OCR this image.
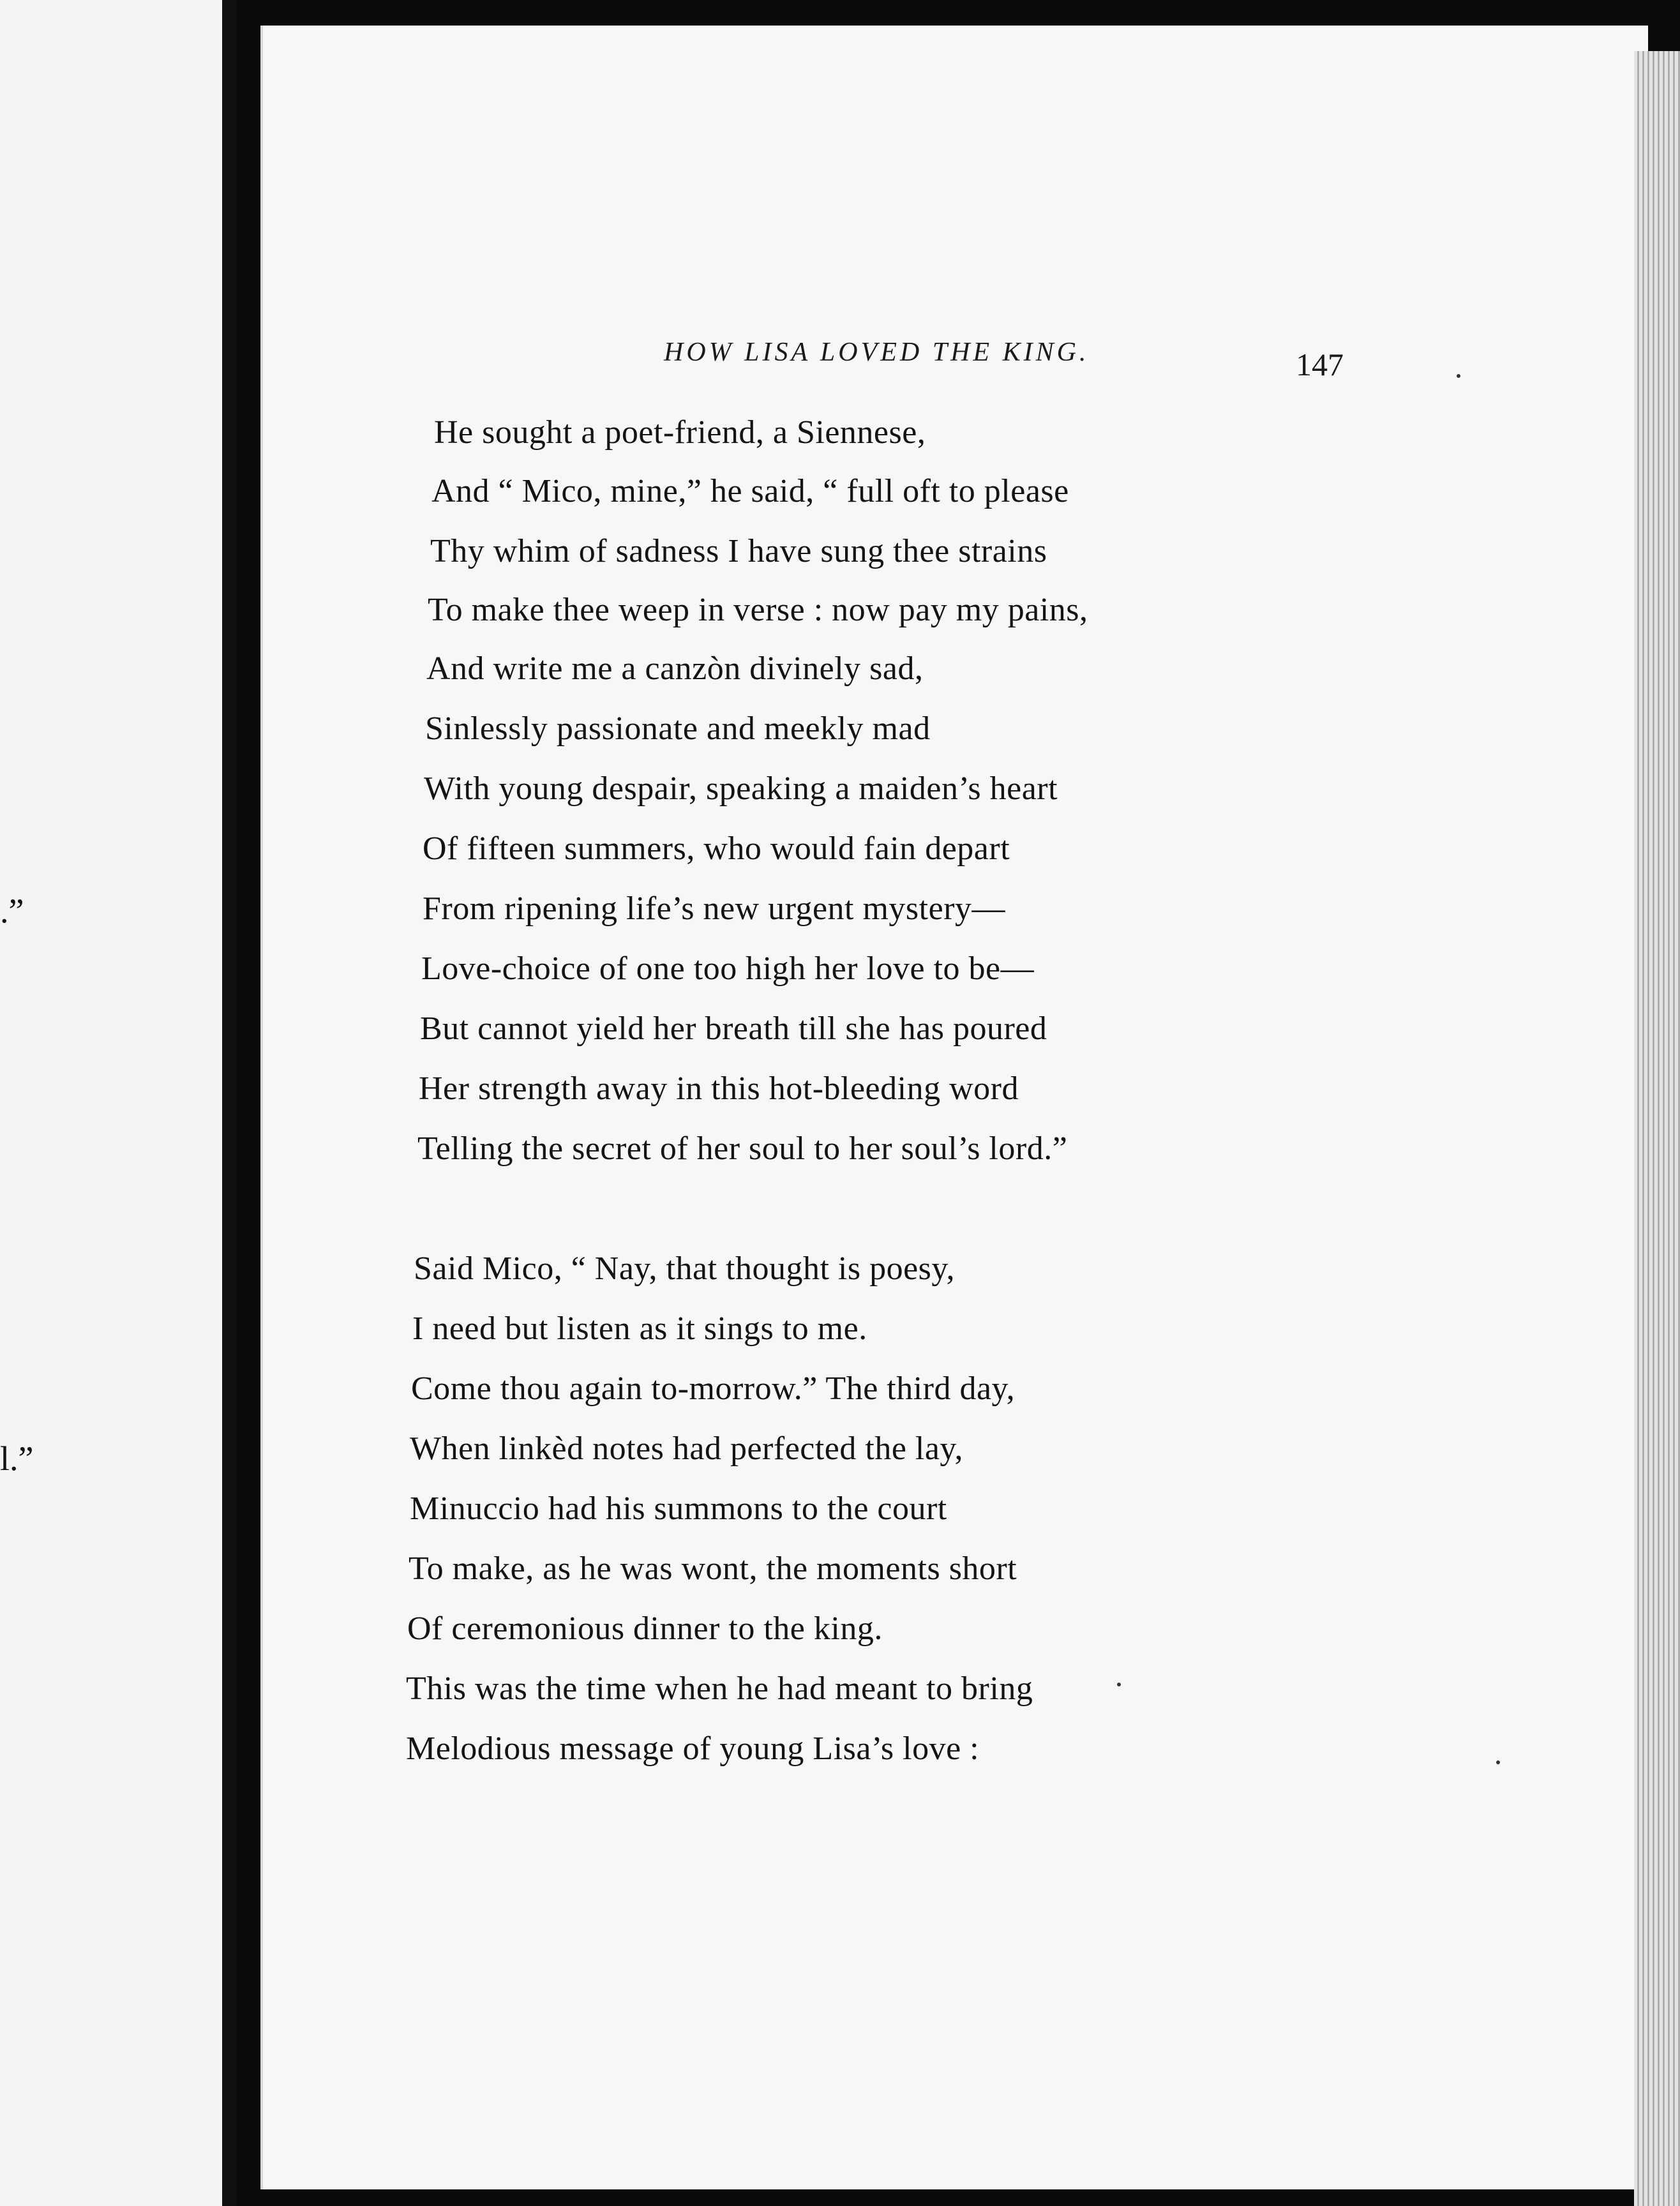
.”
l.”
HOW LISA LOVED THE KING.	147
He sought a poet-friend, a Siennese,
And “ Mico, mine,” he said, “ full oft to please
Thy whim of sadness I have sung thee strains
To make thee weep in verse : now pay my pains,
And write me a canzòn divinely sad,
Sinlessly passionate and meekly mad
With young despair, speaking a maiden’s heart
Of fifteen summers, who would fain depart
From ripening life’s new urgent mystery—
Love-choice of one too high her love to be—
But cannot yield her breath till she has poured
Her strength away in this hot-bleeding word
Telling the secret of her soul to her soul’s lord.”
Said Mico, “ Nay, that thought is poesy,
I need but listen as it sings to me.
Come thou again to-morrow.” The third day,
When linkèd notes had perfected the lay,
Minuccio had his summons to the court
To make, as he was wont, the moments short
Of ceremonious dinner to the king.
This was the time when he had meant to bring
Melodious message of young Lisa’s love :
